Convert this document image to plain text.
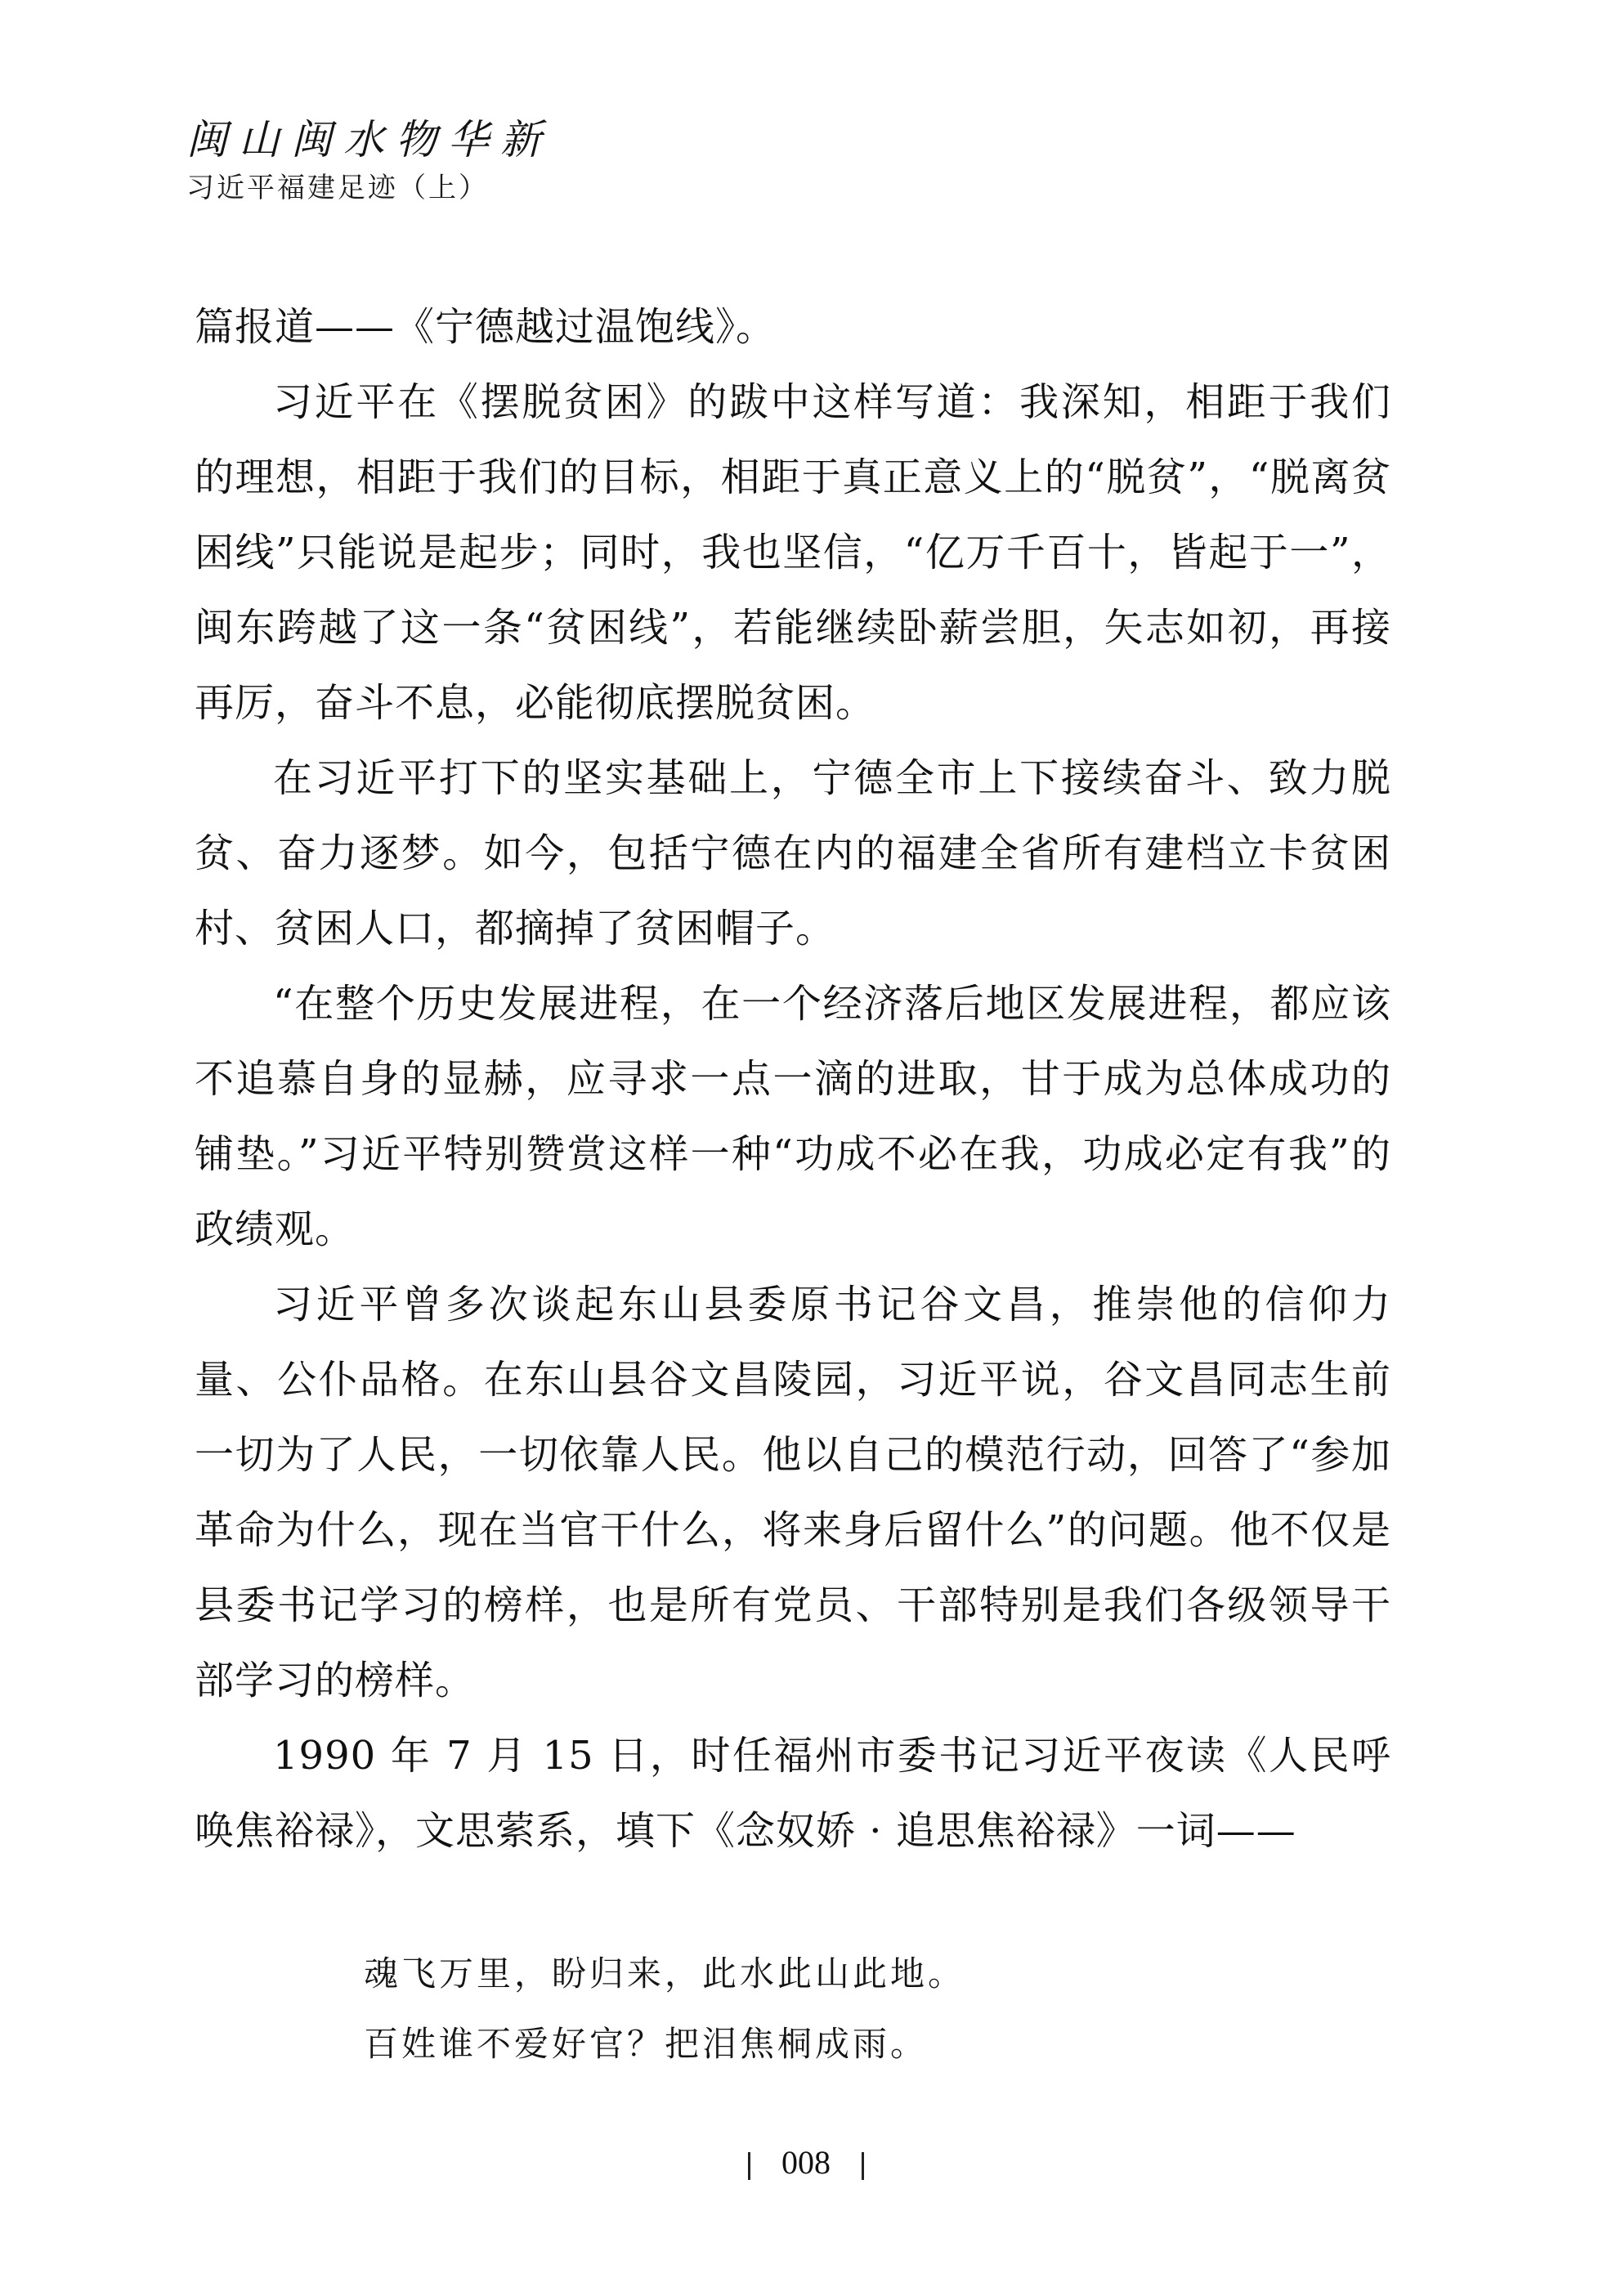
闽山闽水物华新
习近平福建足迹（上）

篇报道——《宁德越过温饱线》。

习近平在《摆脱贫困》的跋中这样写道：我深知，相距于我们的理想，相距于我们的目标，相距于真正意义上的“脱贫”，“脱离贫困线”只能说是起步；同时，我也坚信，“亿万千百十，皆起于一”，闽东跨越了这一条“贫困线”，若能继续卧薪尝胆，矢志如初，再接再厉，奋斗不息，必能彻底摆脱贫困。

在习近平打下的坚实基础上，宁德全市上下接续奋斗、致力脱贫、奋力逐梦。如今，包括宁德在内的福建全省所有建档立卡贫困村、贫困人口，都摘掉了贫困帽子。

“在整个历史发展进程，在一个经济落后地区发展进程，都应该不追慕自身的显赫，应寻求一点一滴的进取，甘于成为总体成功的铺垫。”习近平特别赞赏这样一种“功成不必在我，功成必定有我”的政绩观。

习近平曾多次谈起东山县委原书记谷文昌，推崇他的信仰力量、公仆品格。在东山县谷文昌陵园，习近平说，谷文昌同志生前一切为了人民，一切依靠人民。他以自己的模范行动，回答了“参加革命为什么，现在当官干什么，将来身后留什么”的问题。他不仅是县委书记学习的榜样，也是所有党员、干部特别是我们各级领导干部学习的榜样。

1990 年 7 月 15 日，时任福州市委书记习近平夜读《人民呼唤焦裕禄》，文思萦系，填下《念奴娇 · 追思焦裕禄》一词——

魂飞万里，盼归来，此水此山此地。
百姓谁不爱好官？把泪焦桐成雨。
008
